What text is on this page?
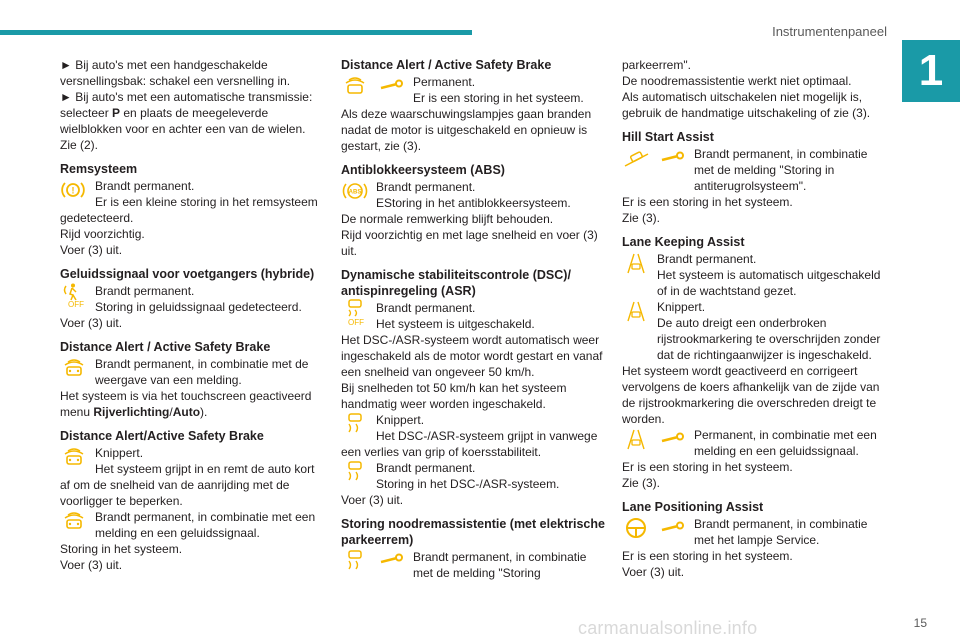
Instrumentenpaneel
1

► Bij auto's met een handgeschakelde versnellingsbak: schakel een versnelling in.

► Bij auto's met een automatische transmissie: selecteer P en plaats de meegeleverde wielblokken voor en achter een van de wielen.

Zie (2).

Remsysteem
! Brandt permanent.

Er is een kleine storing in het remsysteem gedetecteerd.

Rijd voorzichtig.

Voer (3) uit.

Geluidssignaal voor voetgangers (hybride)
OFF

Brandt permanent.

Storing in geluidssignaal gedetecteerd.

Voer (3) uit.

Distance Alert / Active Safety Brake

Brandt permanent, in combinatie met de weergave van een melding.

Het systeem is via het touchscreen geactiveerd menu Rijverlichting/Auto).

Distance Alert/Active Safety Brake

Knippert.

Het systeem grijpt in en remt de auto kort af om de snelheid van de aanrijding met de voorligger te beperken.

Brandt permanent, in combinatie met een melding en een geluidssignaal.

Storing in het systeem.

Voer (3) uit.

Distance Alert / Active Safety Brake

Permanent.

Er is een storing in het systeem.

Als deze waarschuwingslampjes gaan branden nadat de motor is uitgeschakeld en opnieuw is gestart, zie (3).

Antiblokkeersysteem (ABS)
ABS Brandt permanent.

EStoring in het antiblokkeersysteem.

De normale remwerking blijft behouden.

Rijd voorzichtig en met lage snelheid en voer (3) uit.

Dynamische stabiliteitscontrole (DSC)/ antispinregeling (ASR)
OFF

Brandt permanent.

Het systeem is uitgeschakeld.

Het DSC-/ASR-systeem wordt automatisch weer ingeschakeld als de motor wordt gestart en vanaf een snelheid van ongeveer 50 km/h.

Bij snelheden tot 50 km/h kan het systeem handmatig weer worden ingeschakeld.

Knippert.

Het DSC-/ASR-systeem grijpt in vanwege een verlies van grip of koersstabiliteit.

Brandt permanent.

Storing in het DSC-/ASR-systeem.

Voer (3) uit.

Storing noodremassistentie (met elektrische parkeerrem)

Brandt permanent, in combinatie met de melding "Storing

parkeerrem".

De noodremassistentie werkt niet optimaal.

Als automatisch uitschakelen niet mogelijk is, gebruik de handmatige uitschakeling of zie (3).

Hill Start Assist

Brandt permanent, in combinatie met de melding "Storing in antiterugrolsysteem".

Er is een storing in het systeem.

Zie (3).

Lane Keeping Assist

Brandt permanent.

Het systeem is automatisch uitgeschakeld of in de wachtstand gezet.

Knippert.

De auto dreigt een onderbroken rijstrookmarkering te overschrijden zonder dat de richtingaanwijzer is ingeschakeld.

Het systeem wordt geactiveerd en corrigeert vervolgens de koers afhankelijk van de zijde van de rijstrookmarkering die overschreden dreigt te worden.

Permanent, in combinatie met een melding en een geluidssignaal.

Er is een storing in het systeem.

Zie (3).

Lane Positioning Assist

Brandt permanent, in combinatie met het lampje Service.

Er is een storing in het systeem.

Voer (3) uit.

carmanualsonline.info	15
